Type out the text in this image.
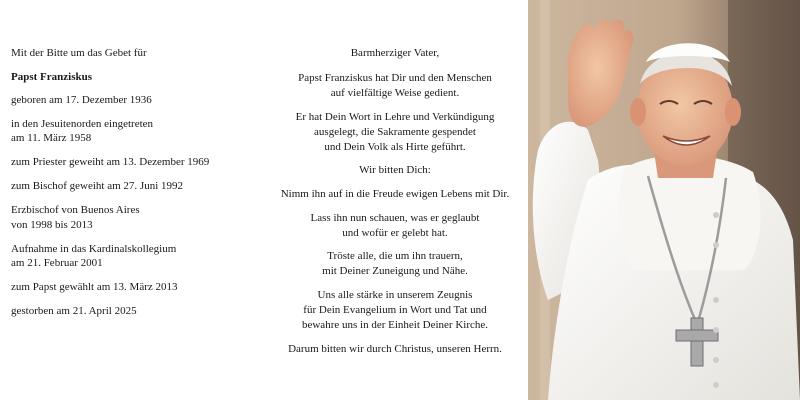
Mit der Bitte um das Gebet für

Papst Franziskus

geboren am 17. Dezember 1936

in den Jesuitenorden eingetreten
am 11. März 1958

zum Priester geweiht am 13. Dezember 1969

zum Bischof geweiht am 27. Juni 1992

Erzbischof von Buenos Aires
von 1998 bis 2013

Aufnahme in das Kardinalskollegium
am 21. Februar 2001

zum Papst gewählt am 13. März 2013

gestorben am 21. April 2025

Barmherziger Vater,

Papst Franziskus hat Dir und den Menschen
auf vielfältige Weise gedient.

Er hat Dein Wort in Lehre und Verkündigung
ausgelegt, die Sakramente gespendet
und Dein Volk als Hirte geführt.

Wir bitten Dich:

Nimm ihn auf in die Freude ewigen Lebens mit Dir.

Lass ihn nun schauen, was er geglaubt
und wofür er gelebt hat.

Tröste alle, die um ihn trauern,
mit Deiner Zuneigung und Nähe.

Uns alle stärke in unserem Zeugnis
für Dein Evangelium in Wort und Tat und
bewahre uns in der Einheit Deiner Kirche.

Darum bitten wir durch Christus, unseren Herrn.
